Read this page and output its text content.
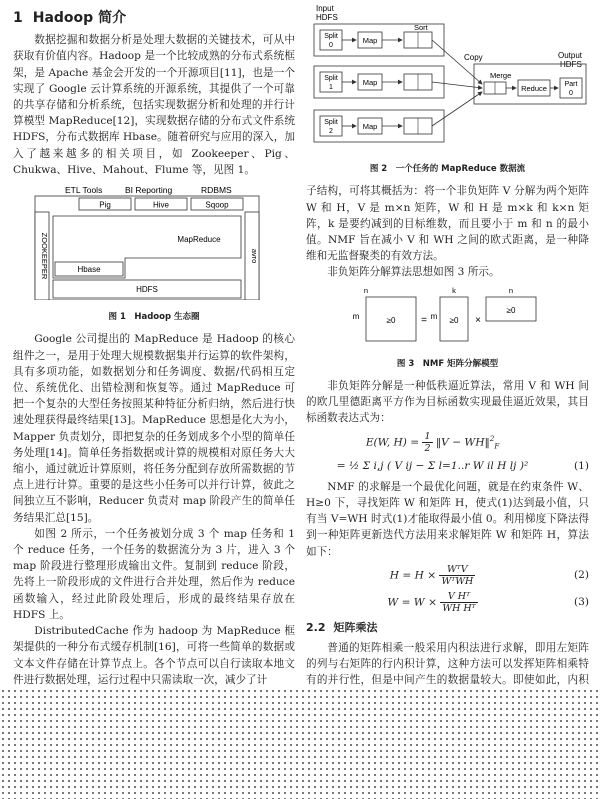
1 Hadoop 简介

数据挖掘和数据分析是处理大数据的关键技术，可从中获取有价值内容。Hadoop 是一个比较成熟的分布式系统框架，是 Apache 基金会开发的一个开源项目[11]，也是一个实现了 Google 云计算系统的开源系统，其提供了一个可靠的共享存储和分析系统，包括实现数据分析和处理的并行计算模型 MapReduce[12]，实现数据存储的分布式文件系统 HDFS，分布式数据库 Hbase。随着研究与应用的深入，加入了越来越多的相关项目，如 Zookeeper、Pig、Chukwa、Hive、Mahout、Flume 等，见图 1。

ETL Tools	BI Reporting	RDBMS
Pig	Hive	Sqoop
ZOOKEEPER	avro
MapReduce
Hbase
HDFS
图 1　Hadoop 生态圈

Google 公司提出的 MapReduce 是 Hadoop 的核心组件之一，是用于处理大规模数据集并行运算的软件架构，具有多项功能，如数据划分和任务调度、数据/代码相互定位、系统优化、出错检测和恢复等。通过 MapReduce 可把一个复杂的大型任务按照某种特征分析归纳，然后进行快速处理获得最终结果[13]。MapReduce 思想是化大为小，Mapper 负责划分，即把复杂的任务划成多个小型的简单任务处理[14]。简单任务指数据或计算的规模相对原任务大大缩小，通过就近计算原则，将任务分配到存放所需数据的节点上进行计算。重要的是这些小任务可以并行计算，彼此之间独立互不影响，Reducer 负责对 map 阶段产生的简单任务结果汇总[15]。

如图 2 所示，一个任务被划分成 3 个 map 任务和 1 个 reduce 任务，一个任务的数据流分为 3 片，进入 3 个 map 阶段进行整理形成输出文件。复制到 reduce 阶段，先将上一阶段形成的文件进行合并处理，然后作为 reduce 函数输入，经过此阶段处理后，形成的最终结果存放在 HDFS 上。

DistributedCache 作为 hadoop 为 MapReduce 框架提供的一种分布式缓存机制[16]，可将一些简单的数据或文本文件存储在计算节点上。各个节点可以自行读取本地文件进行数据处理，运行过程中只需读取一次，减少了计

Input
HDFS
Sort
Copy
Merge
Output
HDFS
Split
0
Map
Split
1
Map
Split
2
Map
Reduce	Part
0
图 2　一个任务的 MapReduce 数据流

子结构，可将其概括为：将一个非负矩阵 V 分解为两个矩阵 W 和 H，V 是 m×n 矩阵，W 和 H 是 m×k 和 k×n 矩阵，k 是要约减到的目标维数，而且要小于 m 和 n 的最小值。NMF 旨在减小 V 和 WH 之间的欧式距离，是一种降维和无监督聚类的有效方法。

非负矩阵分解算法思想如图 3 所示。

n
m	≥0	= m
k
≥0 ×
n
≥0
图 3　NMF 矩阵分解模型

非负矩阵分解是一种低秩逼近算法，常用 V 和 WH 间的欧几里德距离平方作为目标函数实现最佳逼近效果，其目标函数表达式为：

E(W, $H) = \frac{1}{2}$ ‖V − WH‖$^2_F$
= ½ Σ i,j ( V ij − Σ l=1..r W il H lj )²	(1)

NMF 的求解是一个最优化问题，就是在约束条件 W、H≥0 下，寻找矩阵 W 和矩阵 H，使式(1)达到最小值，只有当 V=WH 时式(1)才能取得最小值 0。利用梯度下降法得到一种矩阵更新迭代方法用来求解矩阵 W 和矩阵 H，算法如下：

$H = H \times \frac{\text{WᵀV}}{\text{WᵀWH}}$	(2)
$W = W \times \frac{\text{V Hᵀ}}{\text{WH Hᵀ}}$	(3)
2.2 矩阵乘法

普通的矩阵相乘一般采用内积法进行求解，即用左矩阵的列与右矩阵的行内积计算，这种方法可以发挥矩阵相乘特有的并行性，但是中间产生的数据量较大。即使如此，内积
